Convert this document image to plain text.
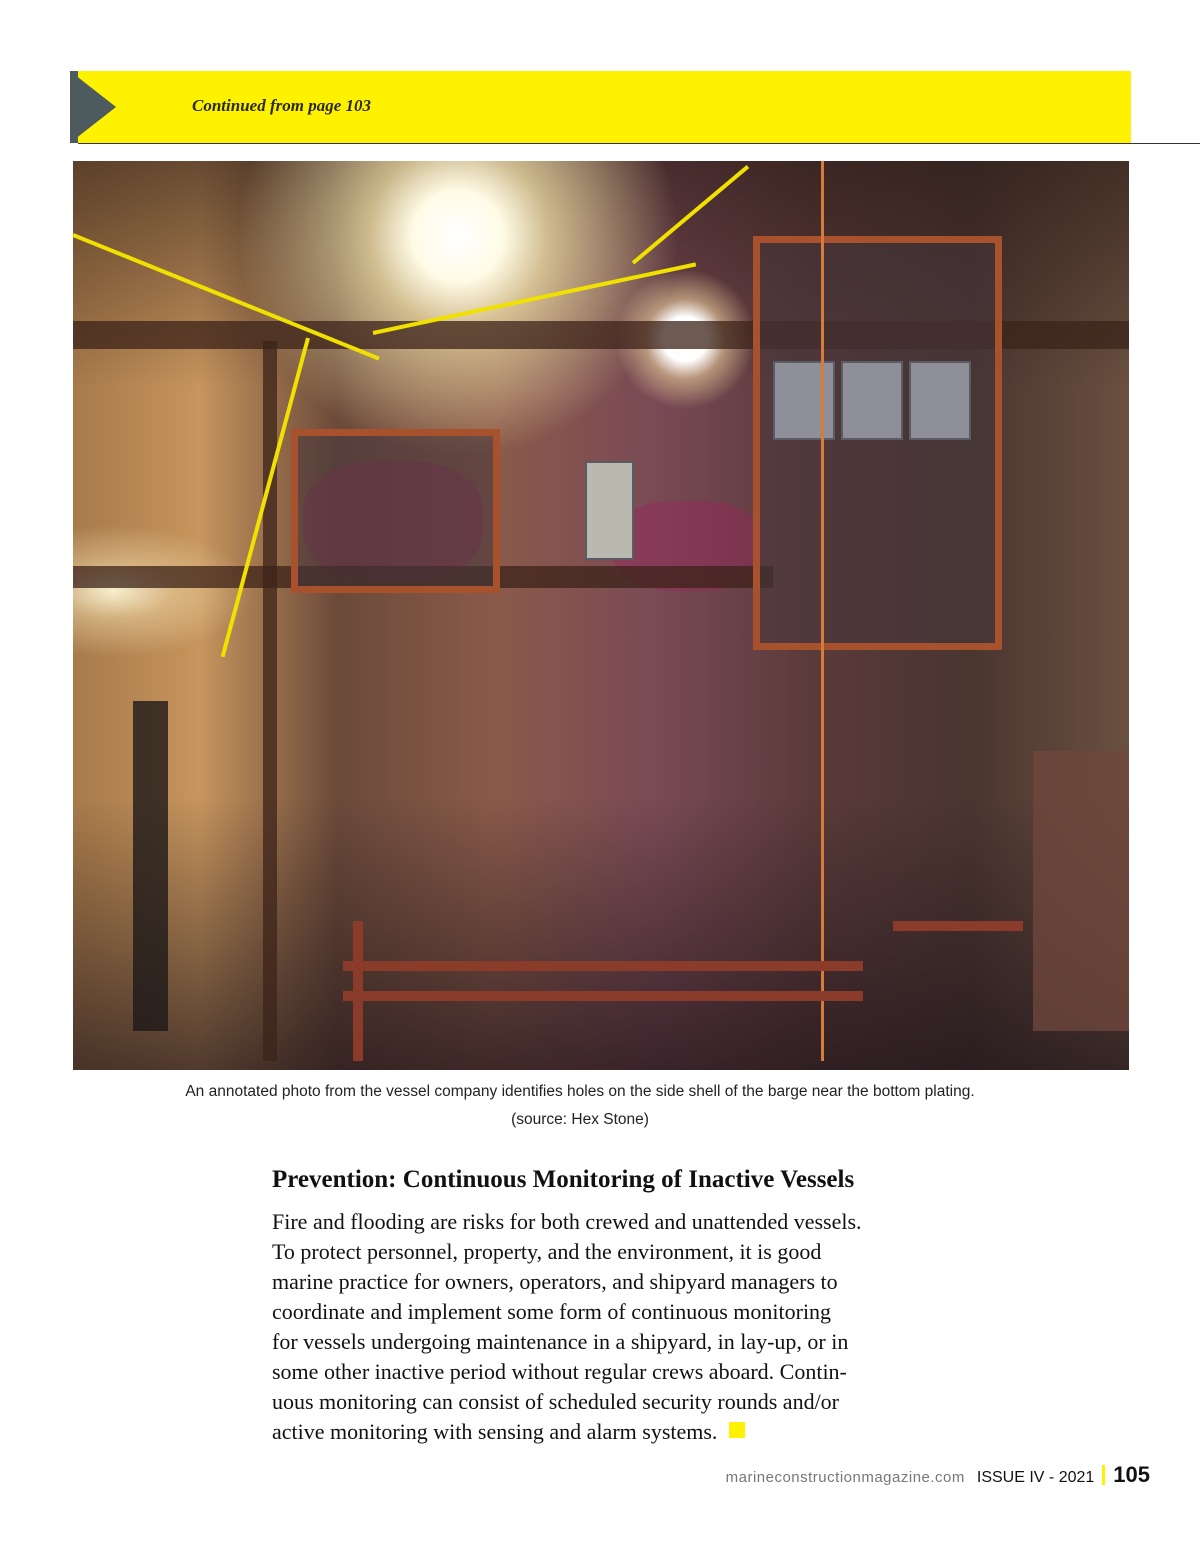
Continued from page 103
An annotated photo from the vessel company identifies holes on the side shell of the barge near the bottom plating.
(source: Hex Stone)
Prevention: Continuous Monitoring of Inactive Vessels
Fire and flooding are risks for both crewed and unattended vessels.
To protect personnel, property, and the environment, it is good
marine practice for owners, operators, and shipyard managers to
coordinate and implement some form of continuous monitoring
for vessels undergoing maintenance in a shipyard, in lay-up, or in
some other inactive period without regular crews aboard. Contin-
uous monitoring can consist of scheduled security rounds and/or
active monitoring with sensing and alarm systems.
marineconstructionmagazine.com ISSUE IV - 2021 105
